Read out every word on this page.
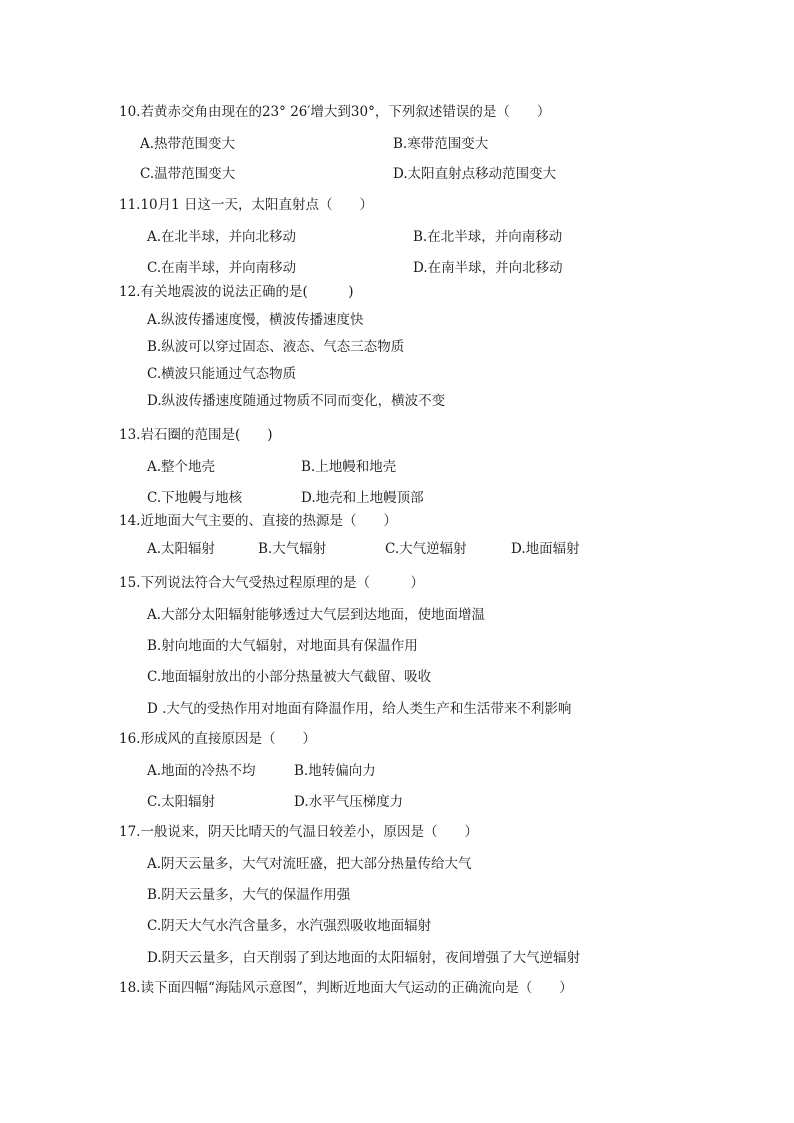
10.若黄赤交角由现在的23° 26′增大到30°，下列叙述错误的是（　　）
A.热带范围变大	B.寒带范围变大
C.温带范围变大	D.太阳直射点移动范围变大
11.10月1 日这一天，太阳直射点（　　）
A.在北半球，并向北移动	B.在北半球，并向南移动
C.在南半球，并向南移动	D.在南半球，并向北移动
12.有关地震波的说法正确的是(　　　)
A.纵波传播速度慢，横波传播速度快
B.纵波可以穿过固态、液态、气态三态物质
C.横波只能通过气态物质
D.纵波传播速度随通过物质不同而变化，横波不变
13.岩石圈的范围是(　　)
A.整个地壳	B.上地幔和地壳
C.下地幔与地核	D.地壳和上地幔顶部
14.近地面大气主要的、直接的热源是（　　）
A.太阳辐射	B.大气辐射	C.大气逆辐射	D.地面辐射
15.下列说法符合大气受热过程原理的是（　　　）
A.大部分太阳辐射能够透过大气层到达地面，使地面增温
B.射向地面的大气辐射，对地面具有保温作用
C.地面辐射放出的小部分热量被大气截留、吸收
D .大气的受热作用对地面有降温作用，给人类生产和生活带来不利影响
16.形成风的直接原因是（　　）
A.地面的冷热不均	B.地转偏向力
C.太阳辐射	D.水平气压梯度力
17.一般说来，阴天比晴天的气温日较差小，原因是（　　）
A.阴天云量多，大气对流旺盛，把大部分热量传给大气
B.阴天云量多，大气的保温作用强
C.阴天大气水汽含量多，水汽强烈吸收地面辐射
D.阴天云量多，白天削弱了到达地面的太阳辐射，夜间增强了大气逆辐射
18.读下面四幅“海陆风示意图”，判断近地面大气运动的正确流向是（　　）
